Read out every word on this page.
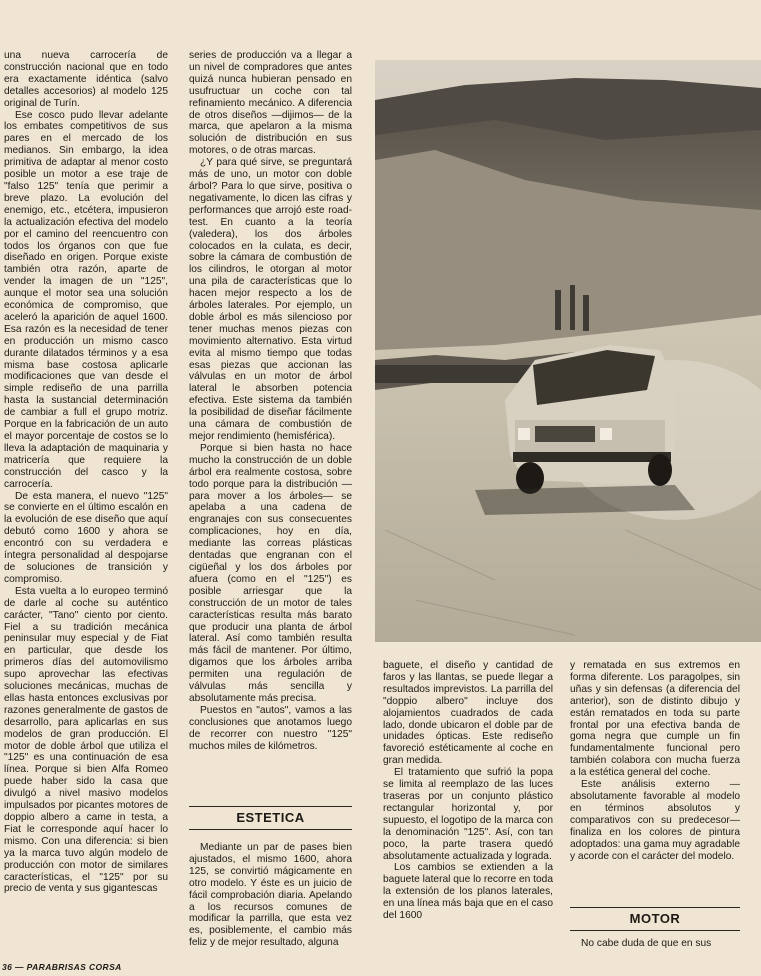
una nueva carrocería de construcción nacional que en todo era exactamente idéntica (salvo detalles accesorios) al modelo 125 original de Turín.

Ese cosco pudo llevar adelante los embates competitivos de sus pares en el mercado de los medianos. Sin embargo, la idea primitiva de adaptar al menor costo posible un motor a ese traje de "falso 125" tenía que perimir a breve plazo. La evolución del enemigo, etc., etcétera, impusieron la actualización efectiva del modelo por el camino del reencuentro con todos los órganos con que fue diseñado en origen. Porque existe también otra razón, aparte de vender la imagen de un "125", aunque el motor sea una solución económica de compromiso, que aceleró la aparición de aquel 1600. Esa razón es la necesidad de tener en producción un mismo casco durante dilatados términos y a esa misma base costosa aplicarle modificaciones que van desde el simple rediseño de una parrilla hasta la sustancial determinación de cambiar a full el grupo motriz. Porque en la fabricación de un auto el mayor porcentaje de costos se lo lleva la adaptación de maquinaria y matricería que requiere la construcción del casco y la carrocería.

De esta manera, el nuevo "125" se convierte en el último escalón en la evolución de ese diseño que aquí debutó como 1600 y ahora se encontró con su verdadera e íntegra personalidad al despojarse de soluciones de transición y compromiso.

Esta vuelta a lo europeo terminó de darle al coche su auténtico carácter, "Tano" ciento por ciento. Fiel a su tradición mecánica peninsular muy especial y de Fiat en particular, que desde los primeros días del automovilismo supo aprovechar las efectivas soluciones mecánicas, muchas de ellas hasta entonces exclusivas por razones generalmente de gastos de desarrollo, para aplicarlas en sus modelos de gran producción. El motor de doble árbol que utiliza el "125" es una continuación de esa línea. Porque si bien Alfa Romeo puede haber sido la casa que divulgó a nivel masivo modelos impulsados por picantes motores de doppio albero a came in testa, a Fiat le corresponde aquí hacer lo mismo. Con una diferencia: si bien ya la marca tuvo algún modelo de producción con motor de similares características, el "125" por su precio de venta y sus gigantescas

series de producción va a llegar a un nivel de compradores que antes quizá nunca hubieran pensado en usufructuar un coche con tal refinamiento mecánico. A diferencia de otros diseños —dijimos— de la marca, que apelaron a la misma solución de distribución en sus motores, o de otras marcas.

¿Y para qué sirve, se preguntará más de uno, un motor con doble árbol? Para lo que sirve, positiva o negativamente, lo dicen las cifras y performances que arrojó este road-test. En cuanto a la teoría (valedera), los dos árboles colocados en la culata, es decir, sobre la cámara de combustión de los cilindros, le otorgan al motor una pila de características que lo hacen mejor respecto a los de árboles laterales. Por ejemplo, un doble árbol es más silencioso por tener muchas menos piezas con movimiento alternativo. Esta virtud evita al mismo tiempo que todas esas piezas que accionan las válvulas en un motor de árbol lateral le absorben potencia efectiva. Este sistema da también la posibilidad de diseñar fácilmente una cámara de combustión de mejor rendimiento (hemisférica).

Porque si bien hasta no hace mucho la construcción de un doble árbol era realmente costosa, sobre todo porque para la distribución —para mover a los árboles— se apelaba a una cadena de engranajes con sus consecuentes complicaciones, hoy en día, mediante las correas plásticas dentadas que engranan con el cigüeñal y los dos árboles por afuera (como en el "125") es posible arriesgar que la construcción de un motor de tales características resulta más barato que producir una planta de árbol lateral. Así como también resulta más fácil de mantener. Por último, digamos que los árboles arriba permiten una regulación de válvulas más sencilla y absolutamente más precisa.

Puestos en "autos", vamos a las conclusiones que anotamos luego de recorrer con nuestro "125" muchos miles de kilómetros.

ESTETICA

Mediante un par de pases bien ajustados, el mismo 1600, ahora 125, se convirtió mágicamente en otro modelo. Y éste es un juicio de fácil comprobación diaria. Apelando a los recursos comunes de modificar la parrilla, que esta vez es, posiblemente, el cambio más feliz y de mejor resultado, alguna

baguete, el diseño y cantidad de faros y las llantas, se puede llegar a resultados imprevistos. La parrilla del "doppio albero" incluye dos alojamientos cuadrados de cada lado, donde ubicaron el doble par de unidades ópticas. Este rediseño favoreció estéticamente al coche en gran medida.

El tratamiento que sufrió la popa se limita al reemplazo de las luces traseras por un conjunto plástico rectangular horizontal y, por supuesto, el logotipo de la marca con la denominación "125". Así, con tan poco, la parte trasera quedó absolutamente actualizada y lograda.

Los cambios se extienden a la baguete lateral que lo recorre en toda la extensión de los planos laterales, en una línea más baja que en el caso del 1600

y rematada en sus extremos en forma diferente. Los paragolpes, sin uñas y sin defensas (a diferencia del anterior), son de distinto dibujo y están rematados en toda su parte frontal por una efectiva banda de goma negra que cumple un fin fundamentalmente funcional pero también colabora con mucha fuerza a la estética general del coche.

Este análisis externo —absolutamente favorable al modelo en términos absolutos y comparativos con su predecesor— finaliza en los colores de pintura adoptados: una gama muy agradable y acorde con el carácter del modelo.

MOTOR

No cabe duda de que en sus

36 — PARABRISAS CORSA
